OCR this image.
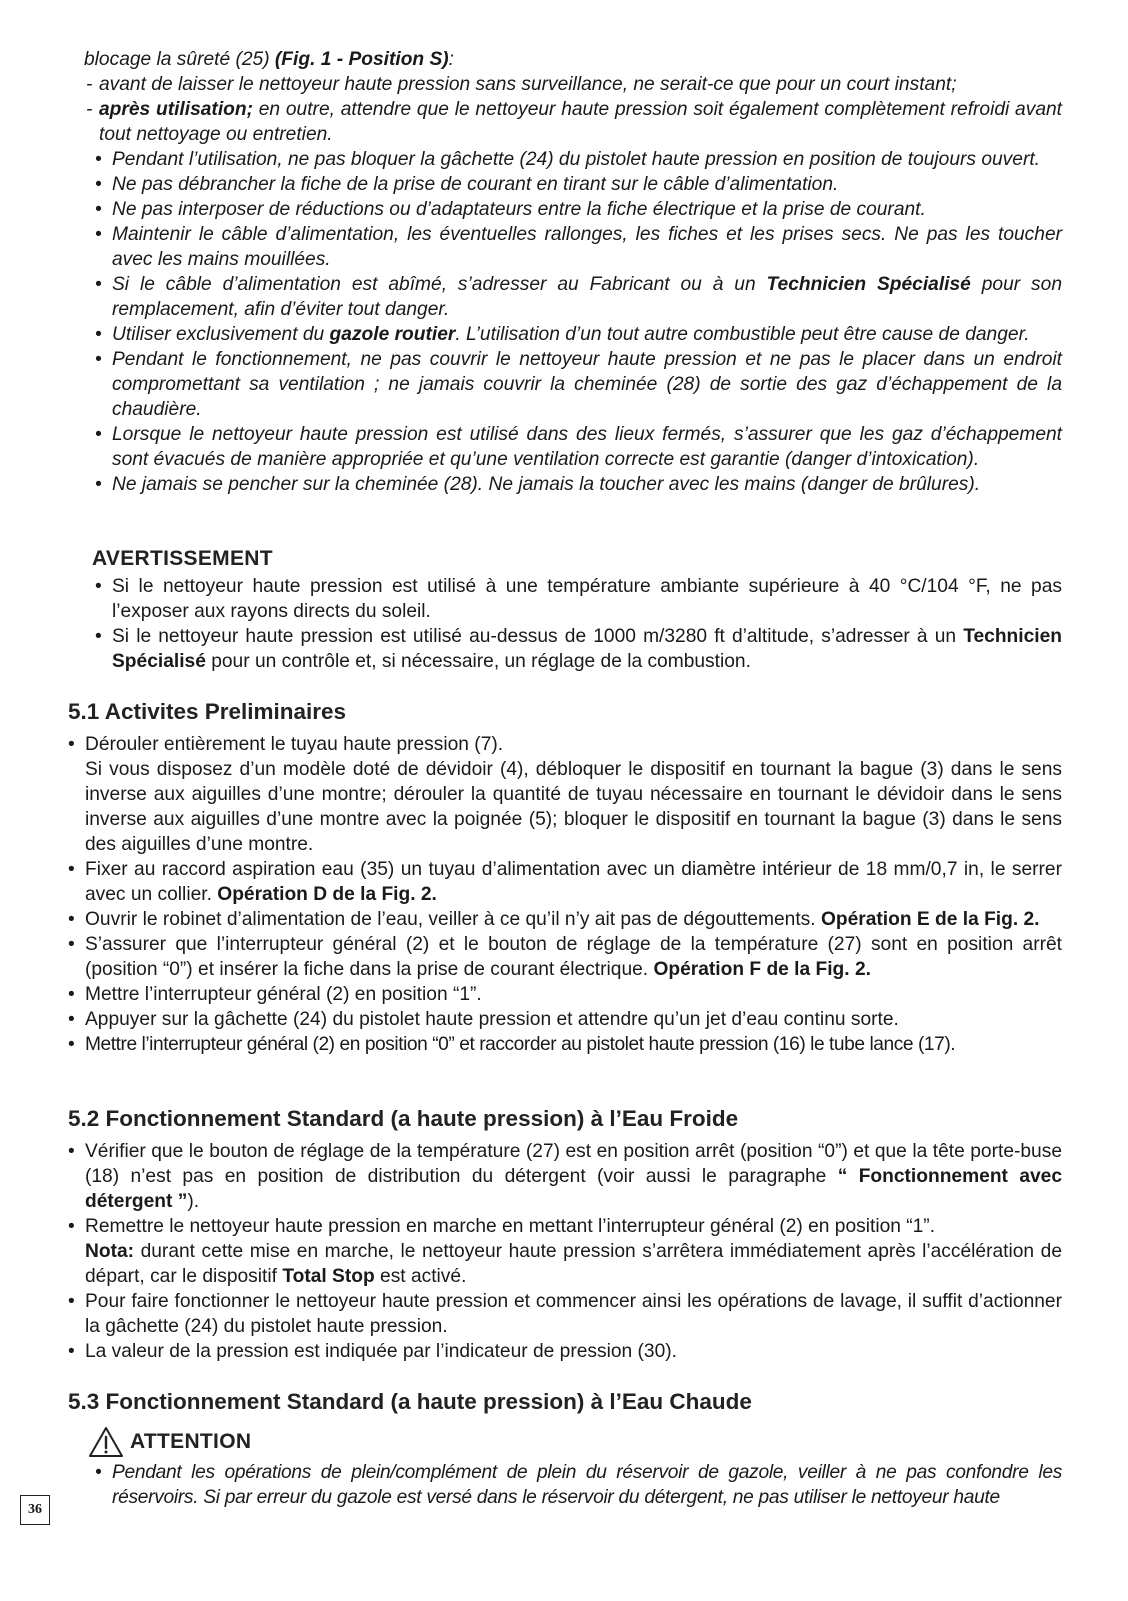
blocage la sûreté (25) (Fig. 1 - Position S):
- avant de laisser le nettoyeur haute pression sans surveillance, ne serait-ce que pour un court instant;
- après utilisation; en outre, attendre que le nettoyeur haute pression soit également complètement refroidi avant tout nettoyage ou entretien.
• Pendant l’utilisation, ne pas bloquer la gâchette (24) du pistolet haute pression en position de toujours ouvert.
• Ne pas débrancher la fiche de la prise de courant en tirant sur le câble d’alimentation.
• Ne pas interposer de réductions ou d’adaptateurs entre la fiche électrique et la prise de courant.
• Maintenir le câble d’alimentation, les éventuelles rallonges, les fiches et les prises secs. Ne pas les toucher avec les mains mouillées.
• Si le câble d’alimentation est abîmé, s’adresser au Fabricant ou à un Technicien Spécialisé pour son remplacement, afin d’éviter tout danger.
• Utiliser exclusivement du gazole routier. L’utilisation d’un tout autre combustible peut être cause de danger.
• Pendant le fonctionnement, ne pas couvrir le nettoyeur haute pression et ne pas le placer dans un endroit compromettant sa ventilation ; ne jamais couvrir la cheminée (28) de sortie des gaz d’échappement de la chaudière.
• Lorsque le nettoyeur haute pression est utilisé dans des lieux fermés, s’assurer que les gaz d’échappement sont évacués de manière appropriée et qu’une ventilation correcte est garantie (danger d’intoxication).
• Ne jamais se pencher sur la cheminée (28). Ne jamais la toucher avec les mains (danger de brûlures).
AVERTISSEMENT
• Si le nettoyeur haute pression est utilisé à une température ambiante supérieure à 40 °C/104 °F, ne pas l’exposer aux rayons directs du soleil.
• Si le nettoyeur haute pression est utilisé au-dessus de 1000 m/3280 ft d’altitude, s’adresser à un Technicien Spécialisé pour un contrôle et, si nécessaire, un réglage de la combustion.
5.1 Activites Preliminaires
• Dérouler entièrement le tuyau haute pression (7).
Si vous disposez d’un modèle doté de dévidoir (4), débloquer le dispositif en tournant la bague (3) dans le sens inverse aux aiguilles d’une montre; dérouler la quantité de tuyau nécessaire en tournant le dévidoir dans le sens inverse aux aiguilles d’une montre avec la poignée (5); bloquer le dispositif en tournant la bague (3) dans le sens des aiguilles d’une montre.
• Fixer au raccord aspiration eau (35) un tuyau d’alimentation avec un diamètre intérieur de 18 mm/0,7 in, le serrer avec un collier. Opération D de la Fig. 2.
• Ouvrir le robinet d’alimentation de l’eau, veiller à ce qu’il n’y ait pas de dégouttements. Opération E de la Fig. 2.
• S’assurer que l’interrupteur général (2) et le bouton de réglage de la température (27) sont en position arrêt (position “0”) et insérer la fiche dans la prise de courant électrique. Opération F de la Fig. 2.
• Mettre l’interrupteur général (2) en position “1”.
• Appuyer sur la gâchette (24) du pistolet haute pression et attendre qu’un jet d’eau continu sorte.
• Mettre l’interrupteur général (2) en position “0” et raccorder au pistolet haute pression (16) le tube lance (17).
5.2 Fonctionnement Standard (a haute pression) à l’Eau Froide
• Vérifier que le bouton de réglage de la température (27) est en position arrêt (position “0”) et que la tête porte-buse (18) n’est pas en position de distribution du détergent (voir aussi le paragraphe “ Fonctionnement avec détergent ”).
• Remettre le nettoyeur haute pression en marche en mettant l’interrupteur général (2) en position “1”.
Nota: durant cette mise en marche, le nettoyeur haute pression s’arrêtera immédiatement après l’accélération de départ, car le dispositif Total Stop est activé.
• Pour faire fonctionner le nettoyeur haute pression et commencer ainsi les opérations de lavage, il suffit d’actionner la gâchette (24) du pistolet haute pression.
• La valeur de la pression est indiquée par l’indicateur de pression (30).
5.3 Fonctionnement Standard (a haute pression) à l’Eau Chaude
ATTENTION
• Pendant les opérations de plein/complément de plein du réservoir de gazole, veiller à ne pas confondre les réservoirs. Si par erreur du gazole est versé dans le réservoir du détergent, ne pas utiliser le nettoyeur haute
36
